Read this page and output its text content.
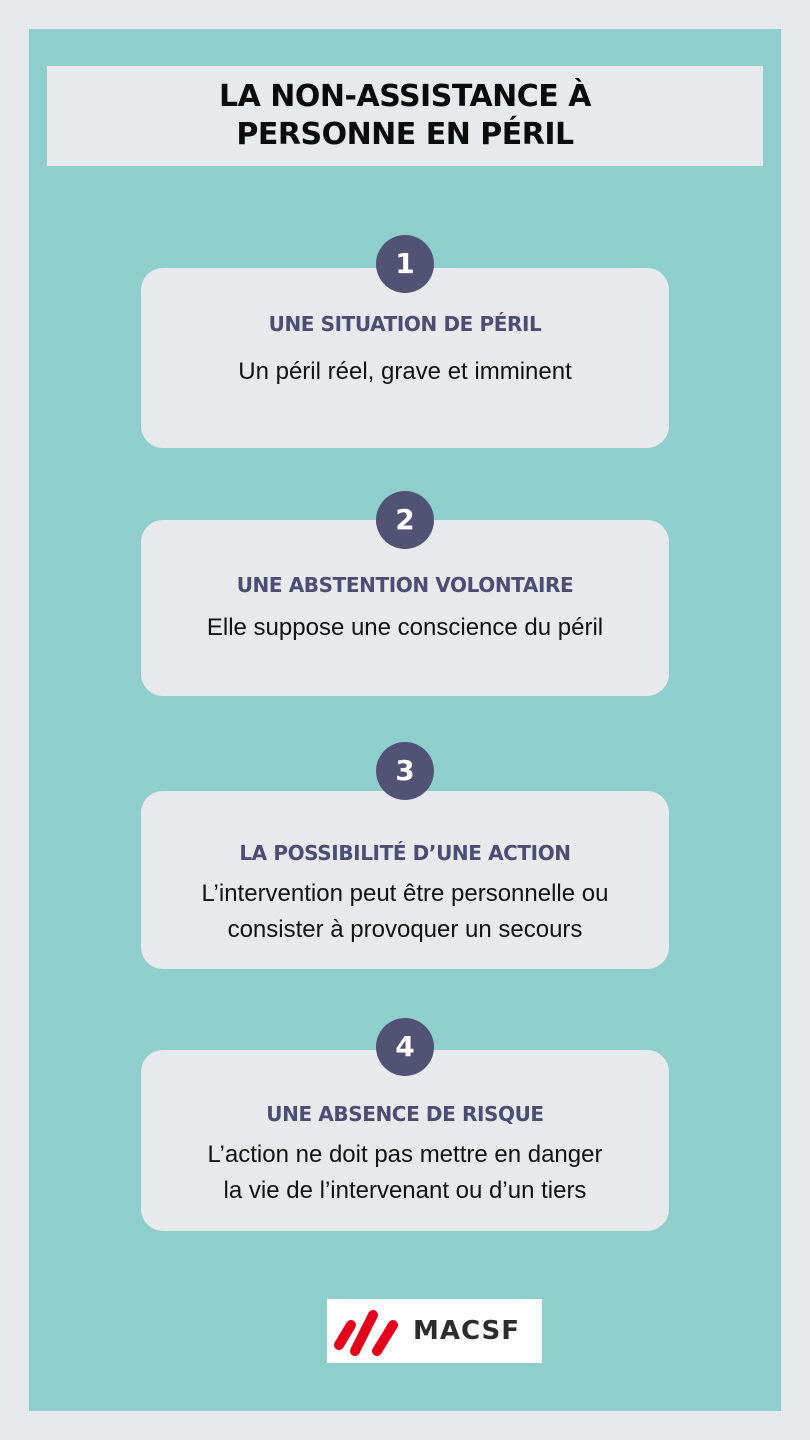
LA NON-ASSISTANCE À
PERSONNE EN PÉRIL
UNE SITUATION DE PÉRIL
Un péril réel, grave et imminent
1
UNE ABSTENTION VOLONTAIRE
Elle suppose une conscience du péril
2
LA POSSIBILITÉ D’UNE ACTION
L’intervention peut être personnelle ou
consister à provoquer un secours
3
UNE ABSENCE DE RISQUE
L’action ne doit pas mettre en danger
la vie de l’intervenant ou d’un tiers
4
MACSF
